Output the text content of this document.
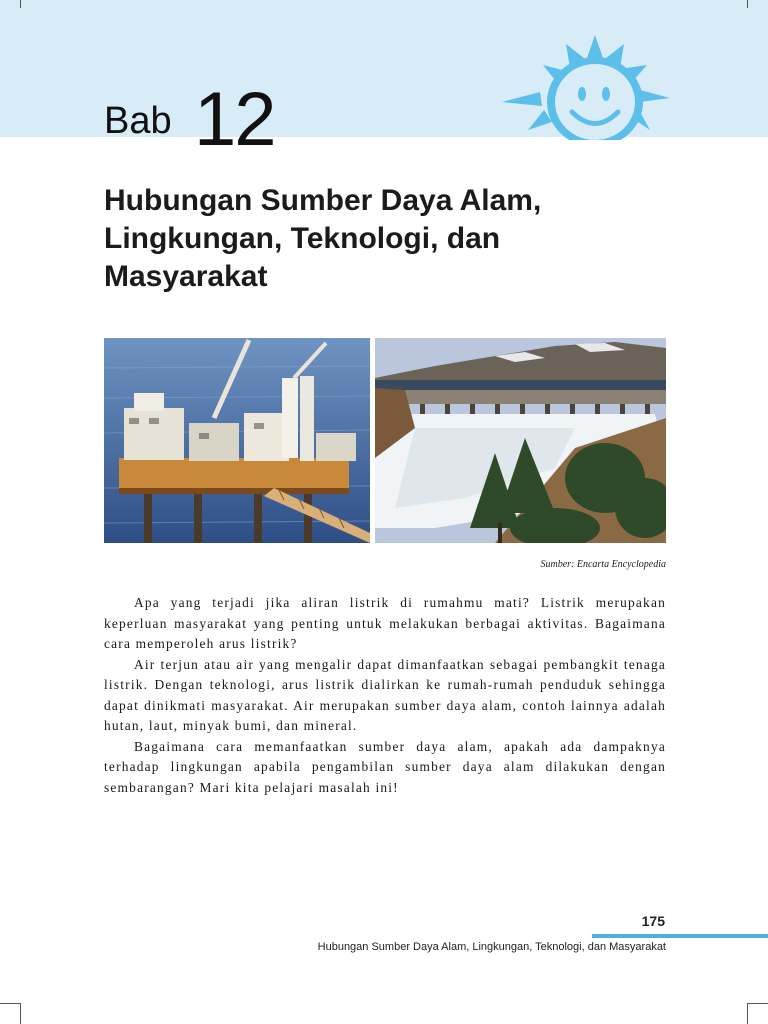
Bab 12
Hubungan Sumber Daya Alam,
Lingkungan, Teknologi, dan
Masyarakat
Sumber: Encarta Encyclopedia

Apa yang terjadi jika aliran listrik di rumahmu mati? Listrik merupakan keperluan masyarakat yang penting untuk melakukan berbagai aktivitas. Bagaimana cara memperoleh arus listrik?

Air terjun atau air yang mengalir dapat dimanfaatkan sebagai pembangkit tenaga listrik. Dengan teknologi, arus listrik dialirkan ke rumah-rumah penduduk sehingga dapat dinikmati masyarakat. Air merupakan sumber daya alam, contoh lainnya adalah hutan, laut, minyak bumi, dan mineral.

Bagaimana cara memanfaatkan sumber daya alam, apakah ada dampaknya terhadap lingkungan apabila pengambilan sumber daya alam dilakukan dengan sembarangan? Mari kita pelajari masalah ini!

175
Hubungan Sumber Daya Alam, Lingkungan, Teknologi, dan Masyarakat
